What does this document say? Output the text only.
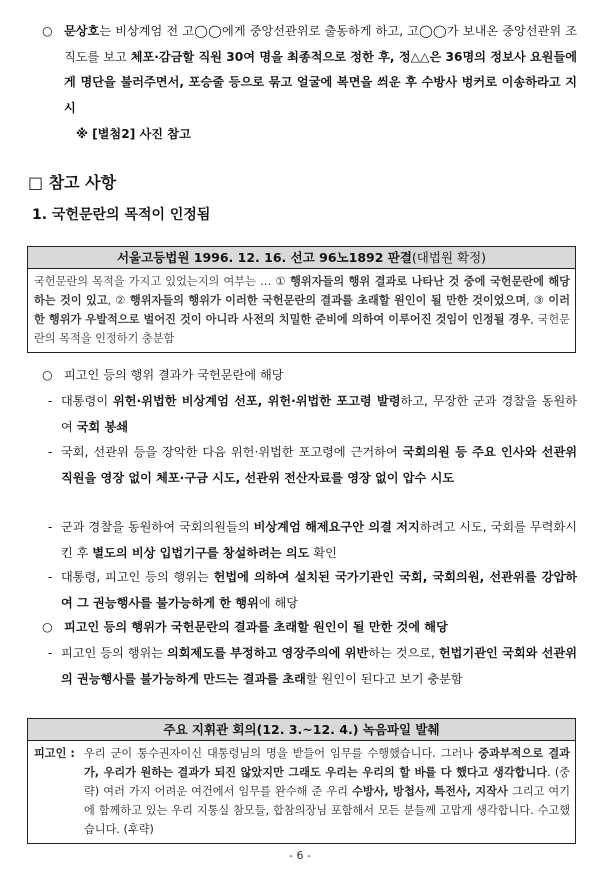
○ 문상호는 비상계엄 전 고◯◯에게 중앙선관위로 출동하게 하고, 고◯◯가 보내온 중앙선관위 조직도를 보고 체포·감금할 직원 30여 명을 최종적으로 정한 후, 정△△은 36명의 정보사 요원들에게 명단을 불러주면서, 포승줄 등으로 묶고 얼굴에 복면을 씌운 후 수방사 벙커로 이송하라고 지시
※ [별첨2] 사진 참고
□ 참고 사항
1. 국헌문란의 목적이 인정됨
서울고등법원 1996. 12. 16. 선고 96노1892 판결(대법원 확정)
국헌문란의 목적을 가지고 있었는지의 여부는 … ① 행위자들의 행위 결과로 나타난 것 중에 국헌문란에 해당하는 것이 있고, ② 행위자들의 행위가 이러한 국헌문란의 결과를 초래할 원인이 될 만한 것이었으며, ③ 이러한 행위가 우발적으로 벌어진 것이 아니라 사전의 치밀한 준비에 의하여 이루어진 것임이 인정될 경우, 국헌문란의 목적을 인정하기 충분함
○ 피고인 등의 행위 결과가 국헌문란에 해당
- 대통령이 위헌·위법한 비상계엄 선포, 위헌·위법한 포고령 발령하고, 무장한 군과 경찰을 동원하여 국회 봉쇄
- 국회, 선관위 등을 장악한 다음 위헌·위법한 포고령에 근거하여 국회의원 등 주요 인사와 선관위 직원을 영장 없이 체포·구금 시도, 선관위 전산자료를 영장 없이 압수 시도
- 군과 경찰을 동원하여 국회의원들의 비상계엄 해제요구안 의결 저지하려고 시도, 국회를 무력화시킨 후 별도의 비상 입법기구를 창설하려는 의도 확인
- 대통령, 피고인 등의 행위는 헌법에 의하여 설치된 국가기관인 국회, 국회의원, 선관위를 강압하여 그 권능행사를 불가능하게 한 행위에 해당
○ 피고인 등의 행위가 국헌문란의 결과를 초래할 원인이 될 만한 것에 해당
- 피고인 등의 행위는 의회제도를 부정하고 영장주의에 위반하는 것으로, 헌법기관인 국회와 선관위의 권능행사를 불가능하게 만드는 결과를 초래할 원인이 된다고 보기 충분함
주요 지휘관 회의(12. 3.~12. 4.) 녹음파일 발췌
피고인 : 우리 군이 통수권자이신 대통령님의 명을 받들어 임무를 수행했습니다. 그러나 중과부적으로 결과가, 우리가 원하는 결과가 되진 않았지만 그래도 우리는 우리의 할 바를 다 했다고 생각합니다. (중략) 여러 가지 어려운 여건에서 임무를 완수해 준 우리 수방사, 방첩사, 특전사, 지작사 그리고 여기에 함께하고 있는 우리 지통실 참모들, 합참의장님 포함해서 모든 분들께 고맙게 생각합니다. 수고했습니다. (후략)
- 6 -
